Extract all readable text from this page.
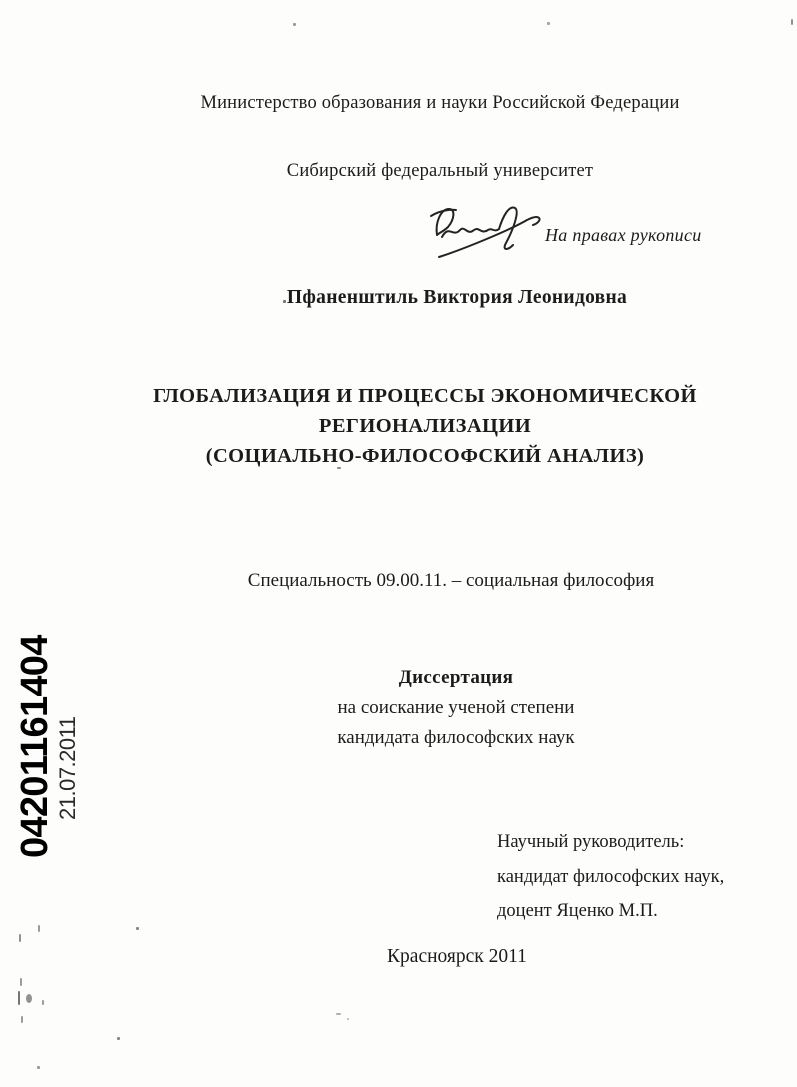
Министерство образования и науки Российской Федерации
Сибирский федеральный университет
На правах рукописи
Пфаненштиль Виктория Леонидовна
ГЛОБАЛИЗАЦИЯ И ПРОЦЕССЫ ЭКОНОМИЧЕСКОЙ
РЕГИОНАЛИЗАЦИИ
(СОЦИАЛЬНО-ФИЛОСОФСКИЙ АНАЛИЗ)
Специальность 09.00.11. – социальная философия
Диссертация
на соискание ученой степени
кандидата философских наук
Научный руководитель:
кандидат философских наук,
доцент Яценко М.П.
Красноярск 2011
04201161404 21.07.2011
